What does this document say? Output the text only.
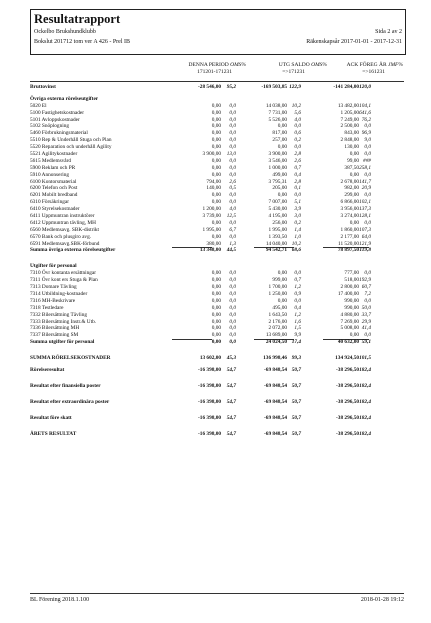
Resultatrapport
Ockelbo Brukshundklubb
Bokslut 201712 tom ver A 426 - Prel IB
Sida 2 av 2
Räkenskapsår 2017-01-01 - 2017-12-31
DENNA PERIOD OMS%
171201-171231
UTG SALDO OMS%
=>171231
ACK FÖREG ÅR JMF%
=>161231
Bruttovinst	-28 546,00 95,2	-169 503,85 122,9	-141 284,00 120,0
Övriga externa rörelseutgifter
5020 El	0,00 0,0	14 038,00 10,2	13 482,00 104,1
5100 Fastighetskostnader	0,00 0,0	7 731,00 5,6	1 205,00 641,6
5101 Avloppskostnader	0,00 0,0	5 526,00 4,0	7 249,00 76,2
5102 Snöplogning	0,00 0,0	0,00 0,0	2 500,00 0,0
5460 Förbrukningsmaterial	0,00 0,0	817,00 0,6	843,00 96,9
5510 Rep & Underhåll Stuga och Plan	0,00 0,0	257,00 0,2	2 848,00 9,0
5520 Reparation och underhåll Agility	0,00 0,0	0,00 0,0	130,00 0,0
5521 Agilitykostnader	3 900,00 13,0	3 900,00 2,8	0,00 0,0
5615 Medlemsvård	0,00 0,0	3 546,00 2,6	99,00 ###
5900 Reklam och PR	0,00 0,0	1 000,00 0,7	387,50 258,1
5910 Annonsering	0,00 0,0	499,00 0,4	0,00 0,0
6100 Kontorsmaterial	794,00 2,6	3 795,31 2,8	2 678,00 141,7
6200 Telefon och Post	140,00 0,5	205,00 0,1	982,00 20,9
6201 Mobilt bredband	0,00 0,0	0,00 0,0	299,00 0,0
6310 Försäkringar	0,00 0,0	7 007,00 5,1	6 866,00 102,1
6410 Styrelsekostnader	1 200,00 4,0	5 430,00 3,9	3 956,00 137,3
6411 Uppmuntran instruktörer	3 739,00 12,5	4 195,00 3,0	3 274,00 128,1
6412 Uppmuntran tävling, MH	0,00 0,0	256,00 0,2	0,00 0,0
6560 Medlemsavg. SBK-distrikt	1 995,00 6,7	1 995,00 1,4	1 860,00 107,3
6570 Bank och plusgiro avg.	0,00 0,0	1 393,50 1,0	2 177,00 64,0
6591 Medlemsavg.SBK-förbund	380,00 1,3	14 040,00 10,2	11 520,00 121,9
Summa övriga externa rörelseutgifter	13 348,00 44,5	94 542,71 68,6	78 897,50 119,8
Utgifter för personal
7310 Övr kontanta ersättningar	0,00 0,0	0,00 0,0	777,00 0,0
7311 Övr kont ers Stuga & Plan	0,00 0,0	999,00 0,7	518,00 192,9
7313 Domare Tävling	0,00 0,0	1 700,00 1,2	2 800,00 60,7
7314 Utbildning-kostnader	0,00 0,0	1 250,00 0,9	17 400,00 7,2
7316 MH-Beskrivare	0,00 0,0	0,00 0,0	990,00 0,0
7318 Testledare	0,00 0,0	495,00 0,4	990,00 50,0
7332 Bilersättning Tävling	0,00 0,0	1 643,50 1,2	4 880,00 33,7
7333 Bilersättning Instr.& Utb.	0,00 0,0	2 176,00 1,6	7 269,00 29,9
7336 Bilersättning MH	0,00 0,0	2 072,00 1,5	5 008,00 41,4
7337 Bilersättning SM	0,00 0,0	13 689,00 9,9	0,00 0,0
Summa utgifter för personal	0,00 0,0	24 024,50 17,4	40 632,00 59,1
SUMMA RÖRELSEKOSTNADER	13 602,00 45,3	136 998,46 99,3	134 924,50 101,5
Rörelseresultat	-16 398,00 54,7	-69 848,54 50,7	-38 296,50 182,4
Resultat efter finansiella poster	-16 398,00 54,7	-69 848,54 50,7	-38 296,50 182,4
Resultat efter extraordinära poster	-16 398,00 54,7	-69 848,54 50,7	-38 296,50 182,4
Resultat före skatt	-16 398,00 54,7	-69 848,54 50,7	-38 296,50 182,4
ÅRETS RESULTAT	-16 398,00 54,7	-69 848,54 50,7	-38 296,50 182,4
BL Förening 2018.1.100	2018-01-28 19:12
